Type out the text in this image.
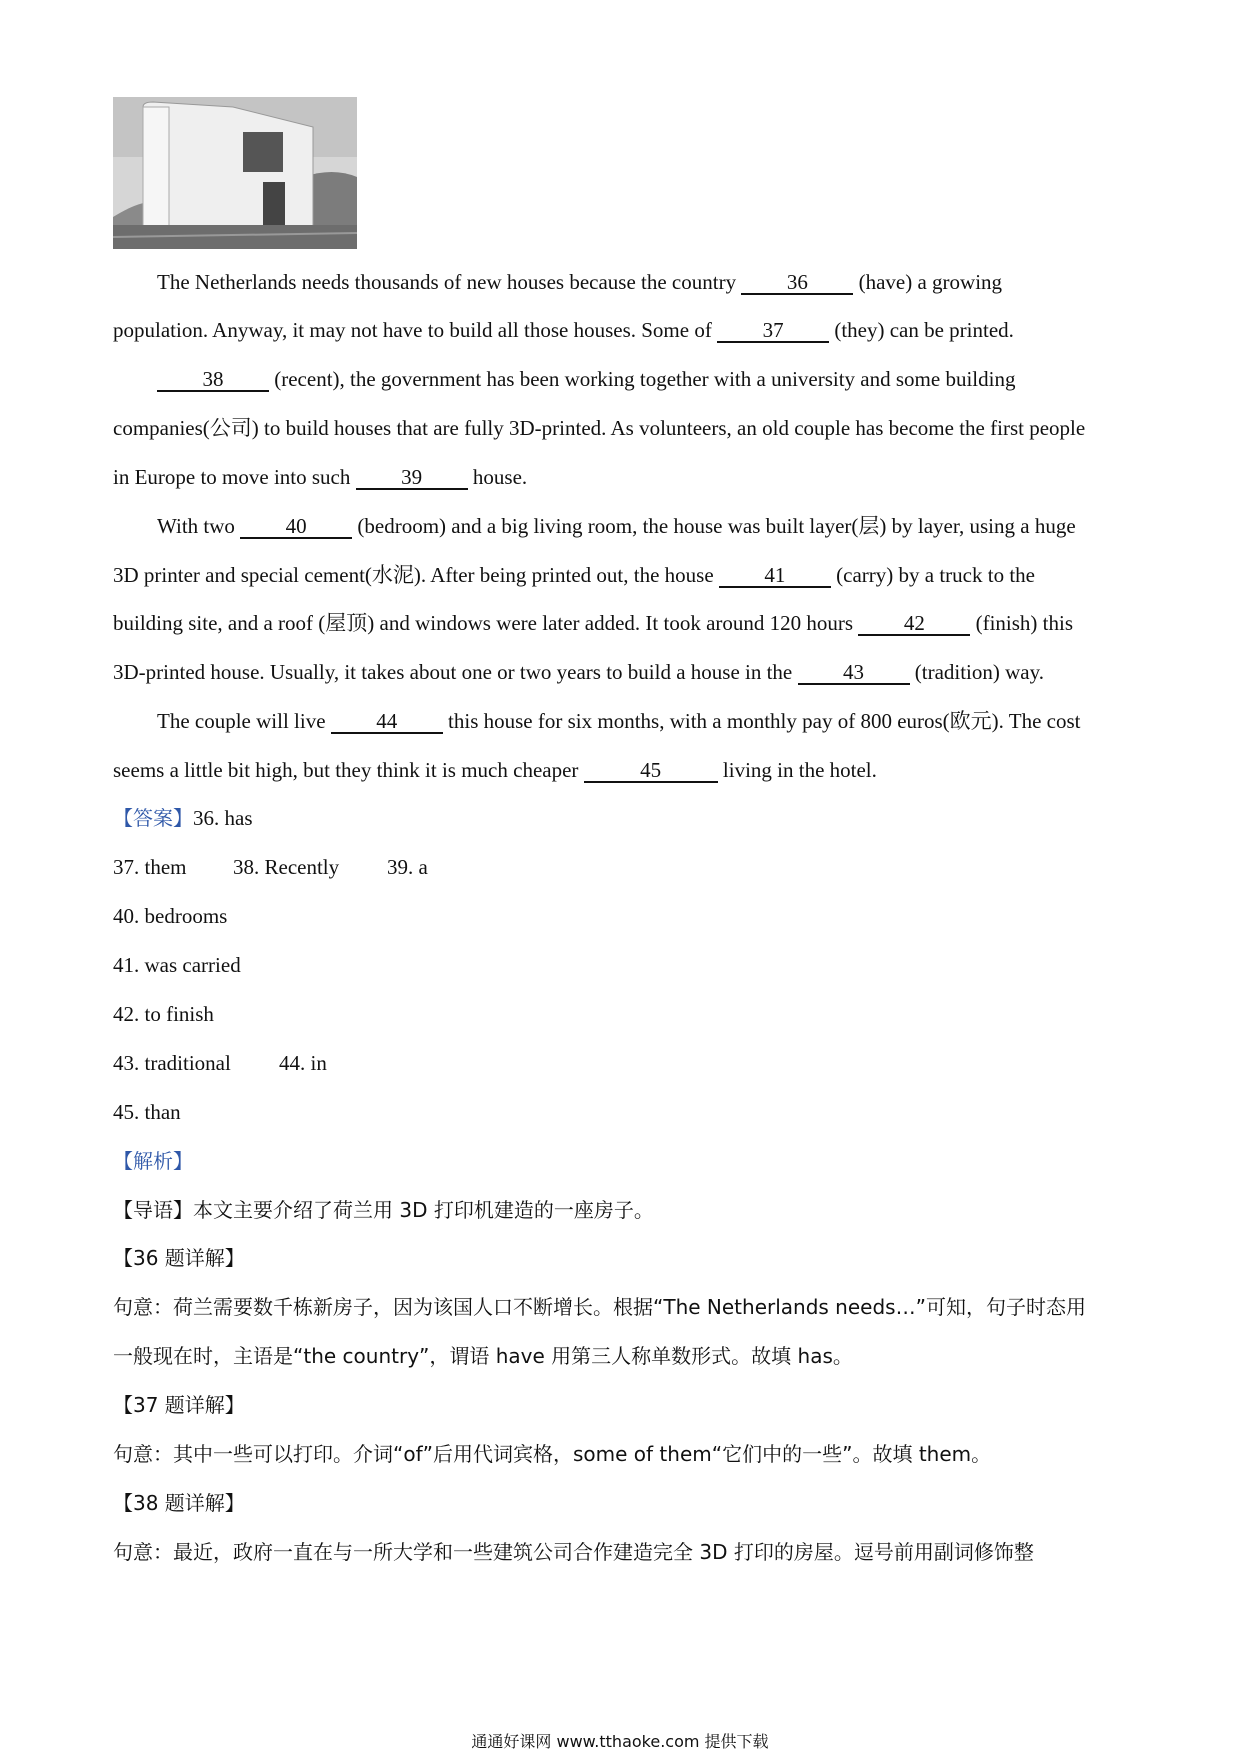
The Netherlands needs thousands of new houses because the country 36 (have) a growing
population. Anyway, it may not have to build all those houses. Some of 37 (they) can be printed.
38 (recent), the government has been working together with a university and some building
companies(公司) to build houses that are fully 3D-printed. As volunteers, an old couple has become the first people
in Europe to move into such 39 house.
With two 40 (bedroom) and a big living room, the house was built layer(层) by layer, using a huge
3D printer and special cement(水泥). After being printed out, the house 41 (carry) by a truck to the
building site, and a roof (屋顶) and windows were later added. It took around 120 hours 42 (finish) this
3D-printed house. Usually, it takes about one or two years to build a house in the 43 (tradition) way.
The couple will live 44 this house for six months, with a monthly pay of 800 euros(欧元). The cost
seems a little bit high, but they think it is much cheaper	45	living in the hotel.
【答案】36. has
37. them 38. Recently 39. a
40. bedrooms
41. was carried
42. to finish
43. traditional 44. in
45. than
【解析】
【导语】本文主要介绍了荷兰用 3D 打印机建造的一座房子。
【36 题详解】
句意：荷兰需要数千栋新房子，因为该国人口不断增长。根据“The Netherlands needs…”可知，句子时态用
一般现在时，主语是“the country”，谓语 have 用第三人称单数形式。故填 has。
【37 题详解】
句意：其中一些可以打印。介词“of”后用代词宾格，some of them“它们中的一些”。故填 them。
【38 题详解】
句意：最近，政府一直在与一所大学和一些建筑公司合作建造完全 3D 打印的房屋。逗号前用副词修饰整
通通好课网 www.tthaoke.com 提供下载
